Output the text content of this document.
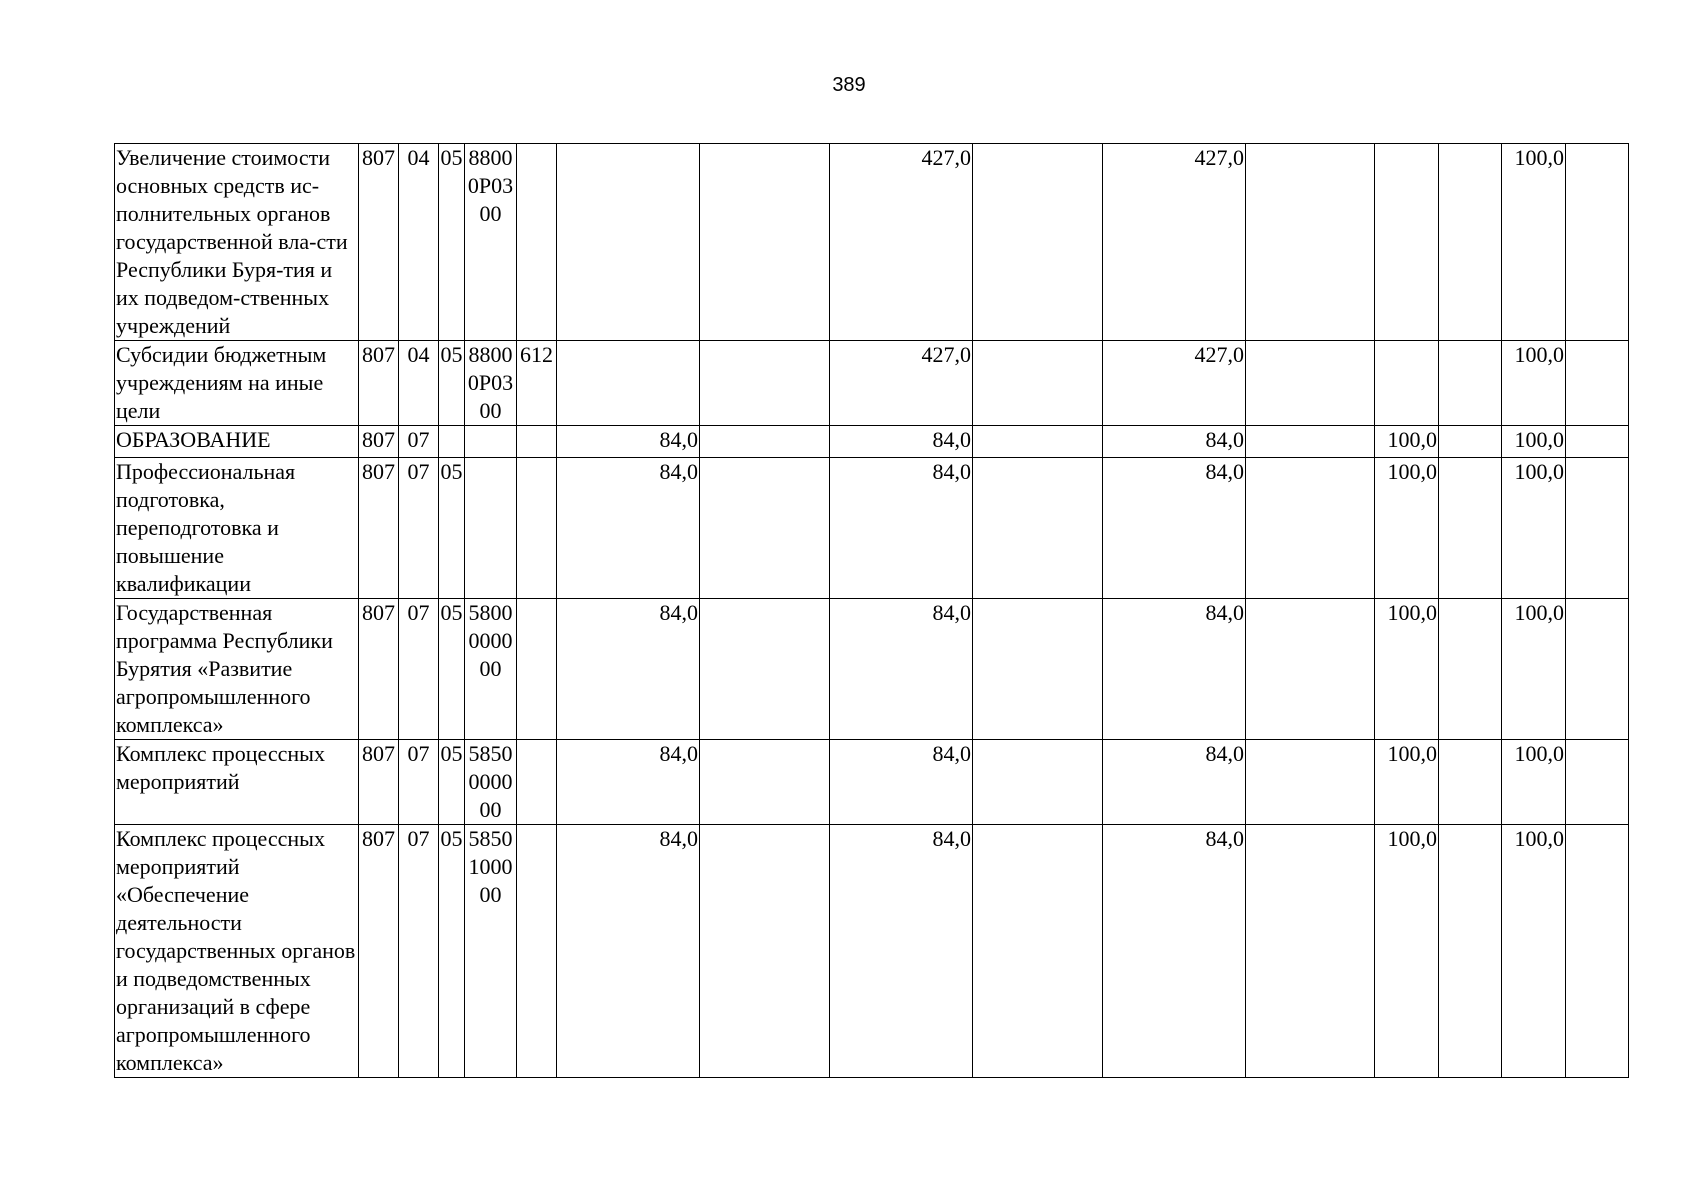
389
Увеличение стоимости основных средств ис-полнительных органов государственной вла-сти Республики Буря-тия и их подведом-ственных учреждений	807	04	05	8800 0Р03 00				427,0		427,0				100,0	
Субсидии бюджетным учреждениям на иные цели	807	04	05	8800 0Р03 00	612			427,0		427,0				100,0	
ОБРАЗОВАНИЕ	807	07				84,0		84,0		84,0		100,0		100,0	
Профессиональная подготовка, переподготовка и повышение квалификации	807	07	05			84,0		84,0		84,0		100,0		100,0	
Государственная программа Республики Бурятия «Развитие агропромышленного комплекса»	807	07	05	5800 0000 00		84,0		84,0		84,0		100,0		100,0	
Комплекс процессных мероприятий	807	07	05	5850 0000 00		84,0		84,0		84,0		100,0		100,0	
Комплекс процессных мероприятий «Обеспечение деятельности государственных органов и подведомственных организаций в сфере агропромышленного комплекса»	807	07	05	5850 1000 00		84,0		84,0		84,0		100,0		100,0	
